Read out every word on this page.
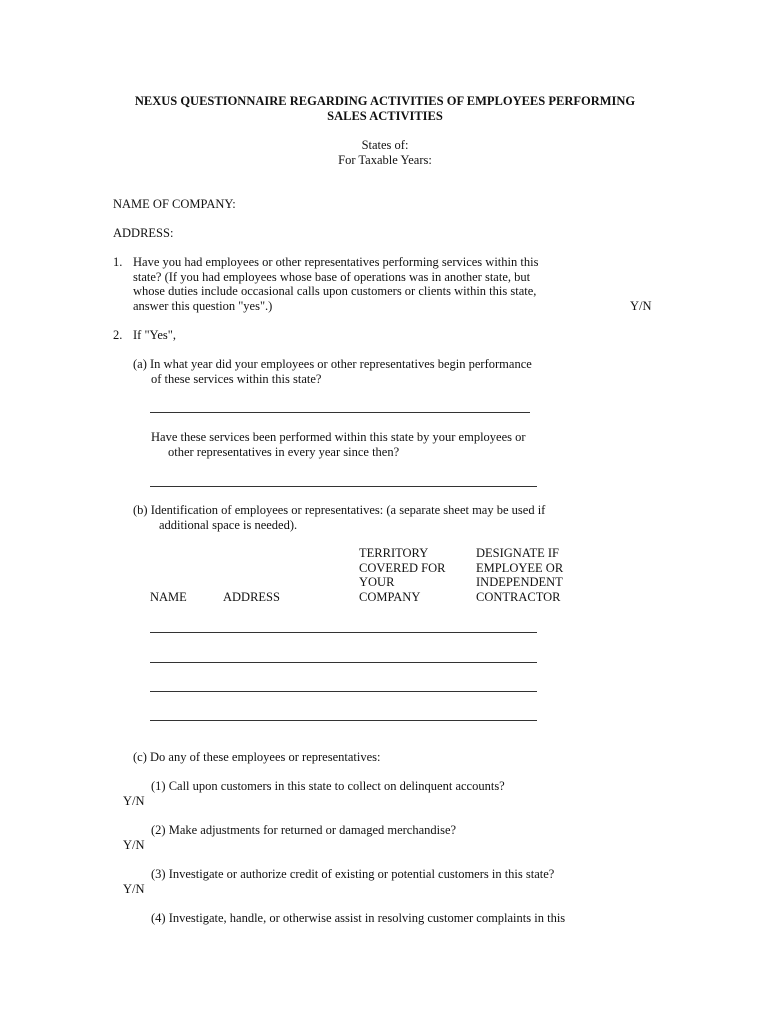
NEXUS QUESTIONNAIRE REGARDING ACTIVITIES OF EMPLOYEES PERFORMING
SALES ACTIVITIES
States of:
For Taxable Years:
NAME OF COMPANY:
ADDRESS:
1. Have you had employees or other representatives performing services within this
state? (If you had employees whose base of operations was in another state, but
whose duties include occasional calls upon customers or clients within this state,
answer this question "yes".)	Y/N
2. If "Yes",
(a) In what year did your employees or other representatives begin performance
of these services within this state?
Have these services been performed within this state by your employees or
other representatives in every year since then?
(b) Identification of employees or representatives: (a separate sheet may be used if
additional space is needed).
TERRITORY
COVERED FOR
YOUR
COMPANY
DESIGNATE IF
EMPLOYEE OR
INDEPENDENT
CONTRACTOR
NAME	ADDRESS
(c) Do any of these employees or representatives:
(1) Call upon customers in this state to collect on delinquent accounts?
Y/N
(2) Make adjustments for returned or damaged merchandise?
Y/N
(3) Investigate or authorize credit of existing or potential customers in this state?
Y/N
(4) Investigate, handle, or otherwise assist in resolving customer complaints in this
